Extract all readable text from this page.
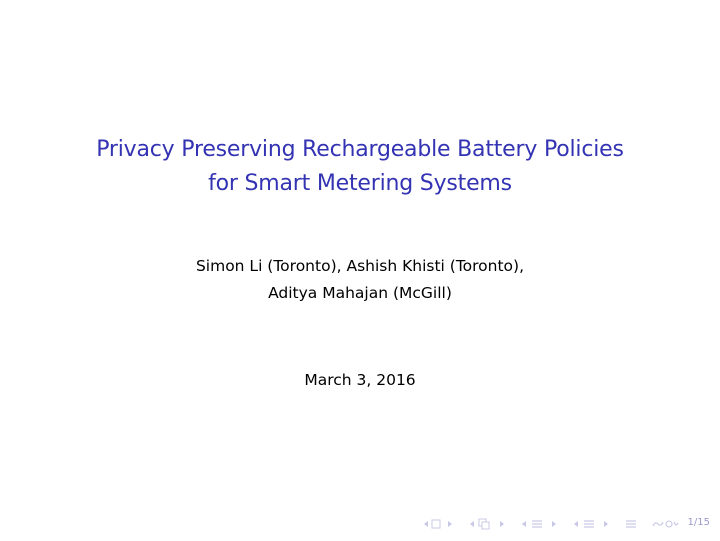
Privacy Preserving Rechargeable Battery Policies
for Smart Metering Systems
Simon Li (Toronto), Ashish Khisti (Toronto),
Aditya Mahajan (McGill)
March 3, 2016
1/15
